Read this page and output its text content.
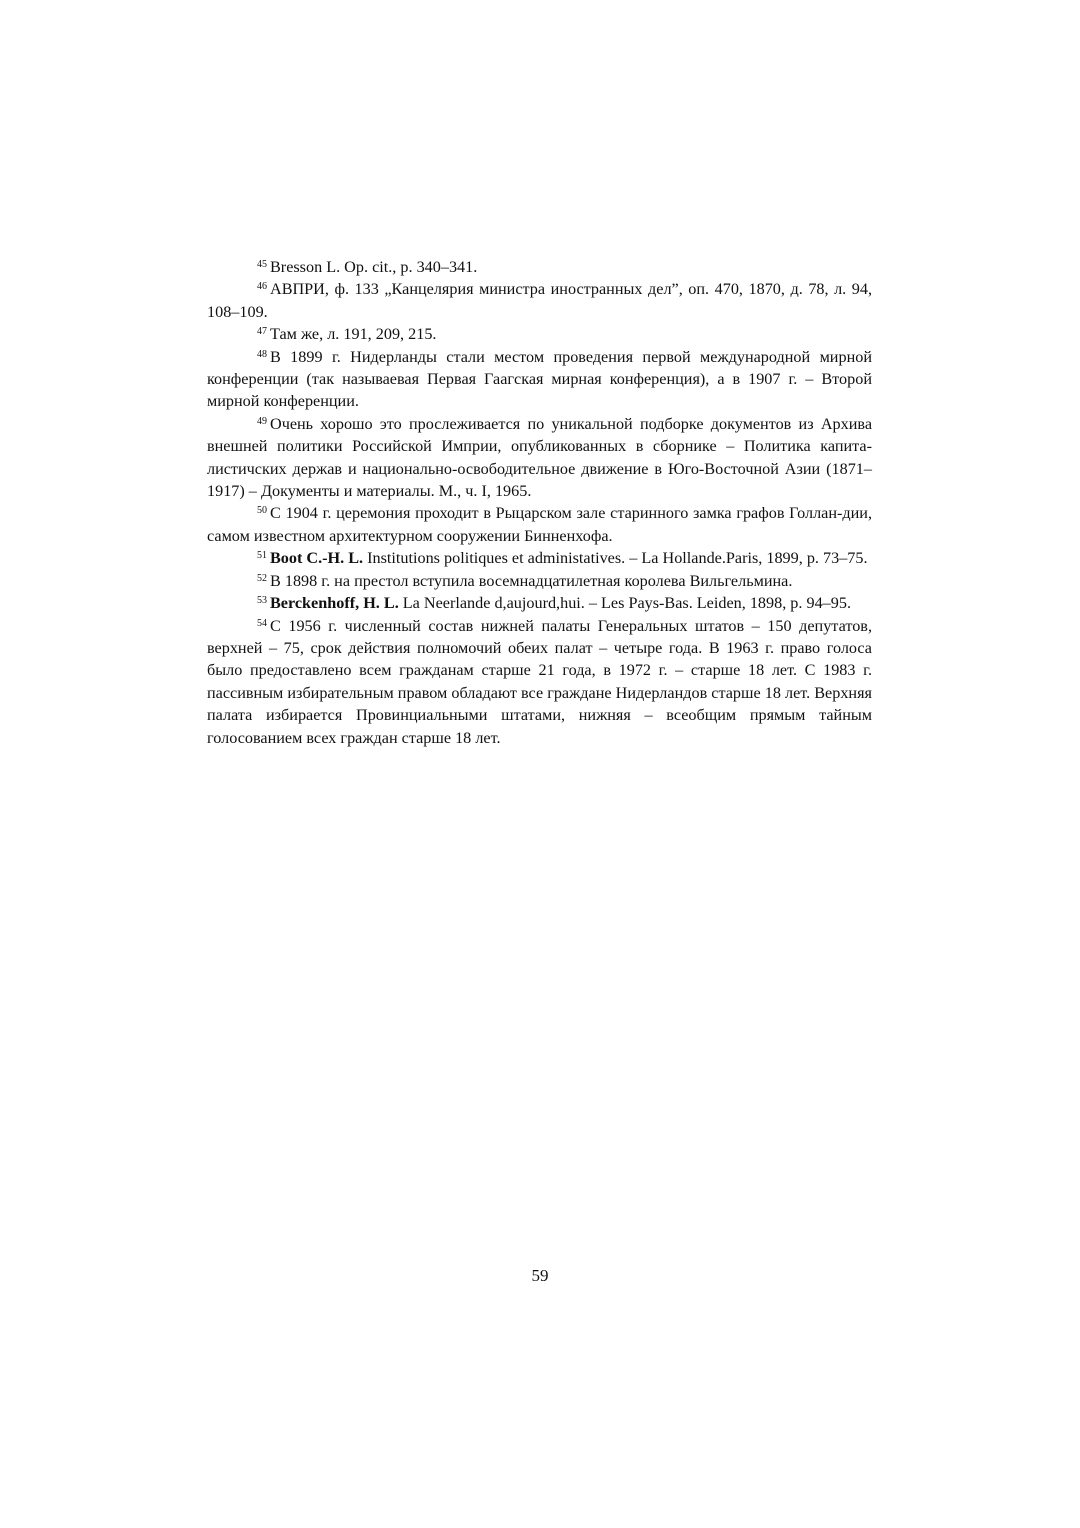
$^{45}$ Bresson L. Op. cit., p. 340–341.

$^{46}$ АВПРИ, ф. 133 „Канцелярия министра иностранных дел”, оп. 470, 1870, д. 78, л. 94, 108–109.

$^{47}$ Там же, л. 191, 209, 215.

$^{48}$ В 1899 г. Нидерланды стали местом проведения первой международной мирной конференции (так называевая Первая Гаагская мирная конференция), а в 1907 г. – Второй мирной конференции.

$^{49}$ Очень хорошо это прослеживается по уникальной подборке документов из Архива внешней политики Российской Имприи, опубликованных в сборнике – Политика капита-листичских держав и национально-освободительное движение в Юго-Восточной Азии (1871–1917) – Документы и материалы. М., ч. I, 1965.

$^{50}$ С 1904 г. церемония проходит в Рыцарском зале старинного замка графов Голлан-дии, самом известном архитектурном сооружении Бинненхофа.

$^{51}$ Boot C.-H. L. Institutions politiques et administatives. – La Hollande.Paris, 1899, p. 73–75.

$^{52}$ В 1898 г. на престол вступила восемнадцатилетная королева Вильгельмина.

$^{53}$ Berckenhoff, H. L. La Neerlande d,aujourd,hui. – Les Pays-Bas. Leiden, 1898, p. 94–95.

$^{54}$ С 1956 г. численный состав нижней палаты Генеральных штатов – 150 депутатов, верхней – 75, срок действия полномочий обеих палат – четыре года. В 1963 г. право голоса было предоставлено всем гражданам старше 21 года, в 1972 г. – старше 18 лет. С 1983 г. пассивным избирательным правом обладают все граждане Нидерландов старше 18 лет. Верхняя палата избирается Провинциальными штатами, нижняя – всеобщим прямым тайным голосованием всех граждан старше 18 лет.

59
